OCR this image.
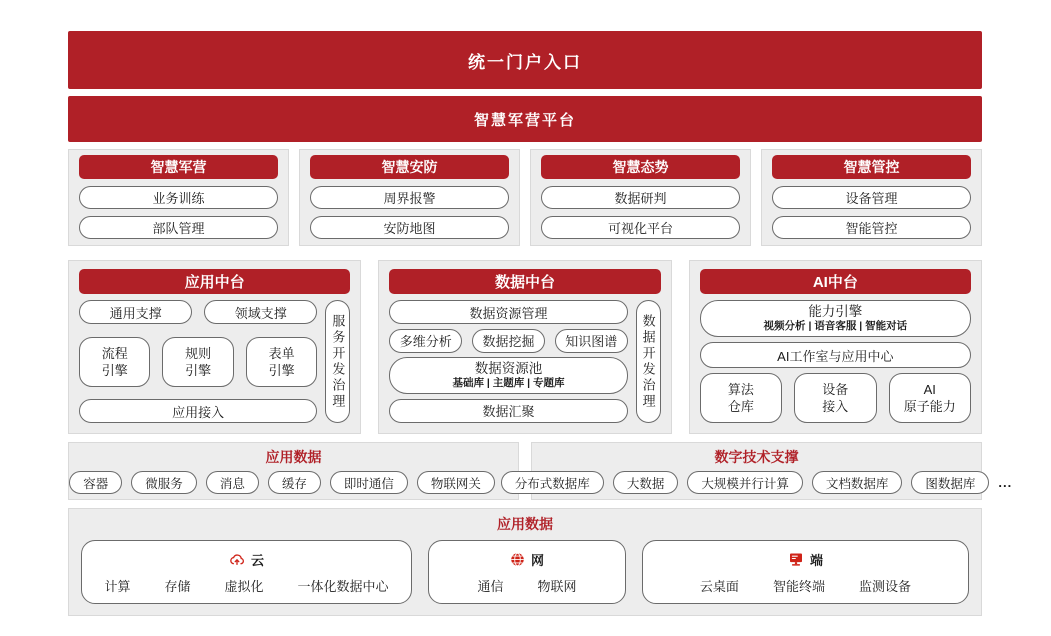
统一门户入口
智慧军营平台
智慧军营
业务训练
部队管理
智慧安防
周界报警
安防地图
智慧态势
数据研判
可视化平台
智慧管控
设备管理
智能管控
应用中台
通用支撑	领域支撑
流程
引擎
规则
引擎
表单
引擎
应用接入
服务开发治理
数据中台
数据资源管理
多维分析	数据挖掘	知识图谱
数据资源池
基础库 | 主题库 | 专题库
数据汇聚
数据开发治理
AI中台
能力引擎
视频分析 | 语音客服 | 智能对话
AI工作室与应用中心
算法
仓库
设备
接入
AI
原子能力
应用数据
容器	微服务	消息	缓存	即时通信	物联网关
数字技术支撑
分布式数据库	大数据	大规模并行计算	文档数据库	图数据库	...
应用数据
云
计算	存储	虚拟化	一体化数据中心
网
通信	物联网
端
云桌面	智能终端	监测设备
